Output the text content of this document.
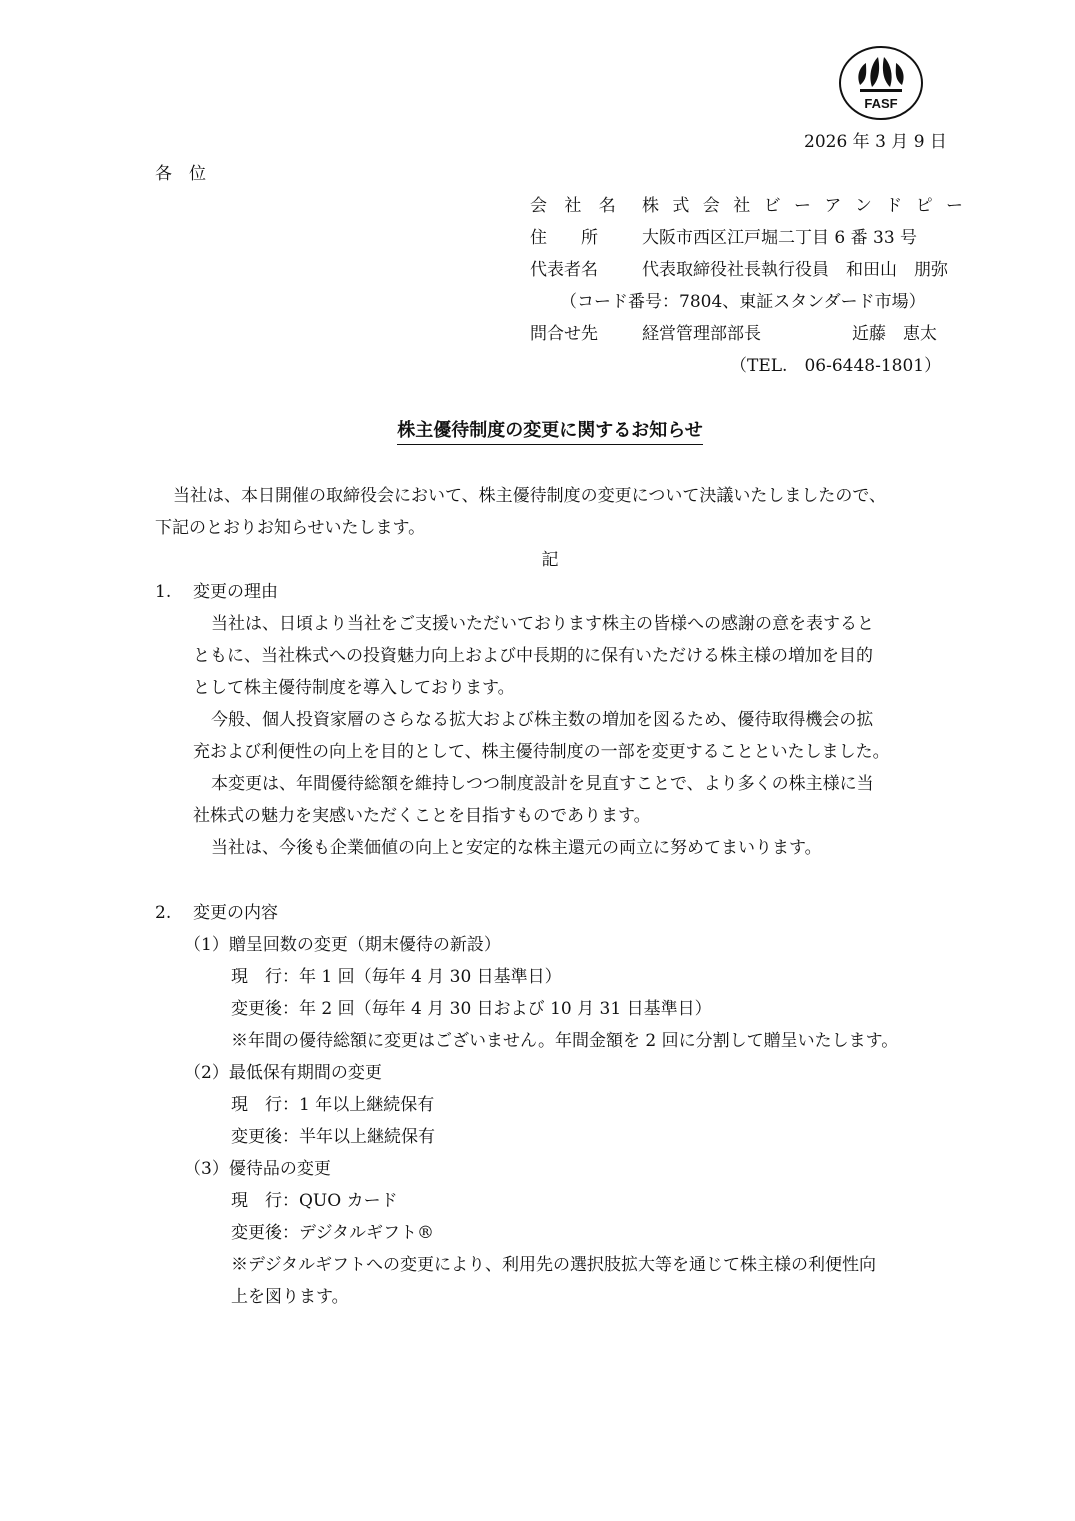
FASF
2026 年 3 月 9 日
各　位
会 社 名 株 式 会 社 ビ ー ア ン ド ピ ー
住　　所	大阪市西区江戸堀二丁目 6 番 33 号
代表者名	代表取締役社長執行役員　和田山　朋弥
（コード番号：7804、東証スタンダード市場）
問合せ先	経営管理部部長	近藤　恵太
（TEL.　06-6448-1801）
株主優待制度の変更に関するお知らせ
当社は、本日開催の取締役会において、株主優待制度の変更について決議いたしましたので、
下記のとおりお知らせいたします。
記
1. 変更の理由
当社は、日頃より当社をご支援いただいております株主の皆様への感謝の意を表すると
ともに、当社株式への投資魅力向上および中長期的に保有いただける株主様の増加を目的
として株主優待制度を導入しております。
今般、個人投資家層のさらなる拡大および株主数の増加を図るため、優待取得機会の拡
充および利便性の向上を目的として、株主優待制度の一部を変更することといたしました。
本変更は、年間優待総額を維持しつつ制度設計を見直すことで、より多くの株主様に当
社株式の魅力を実感いただくことを目指すものであります。
当社は、今後も企業価値の向上と安定的な株主還元の両立に努めてまいります。
2. 変更の内容
（1）贈呈回数の変更（期末優待の新設）
現　行：年 1 回（毎年 4 月 30 日基準日）
変更後：年 2 回（毎年 4 月 30 日および 10 月 31 日基準日）
※年間の優待総額に変更はございません。年間金額を 2 回に分割して贈呈いたします。
（2）最低保有期間の変更
現　行：1 年以上継続保有
変更後：半年以上継続保有
（3）優待品の変更
現　行：QUO カード
変更後：デジタルギフト®
※デジタルギフトへの変更により、利用先の選択肢拡大等を通じて株主様の利便性向
上を図ります。
